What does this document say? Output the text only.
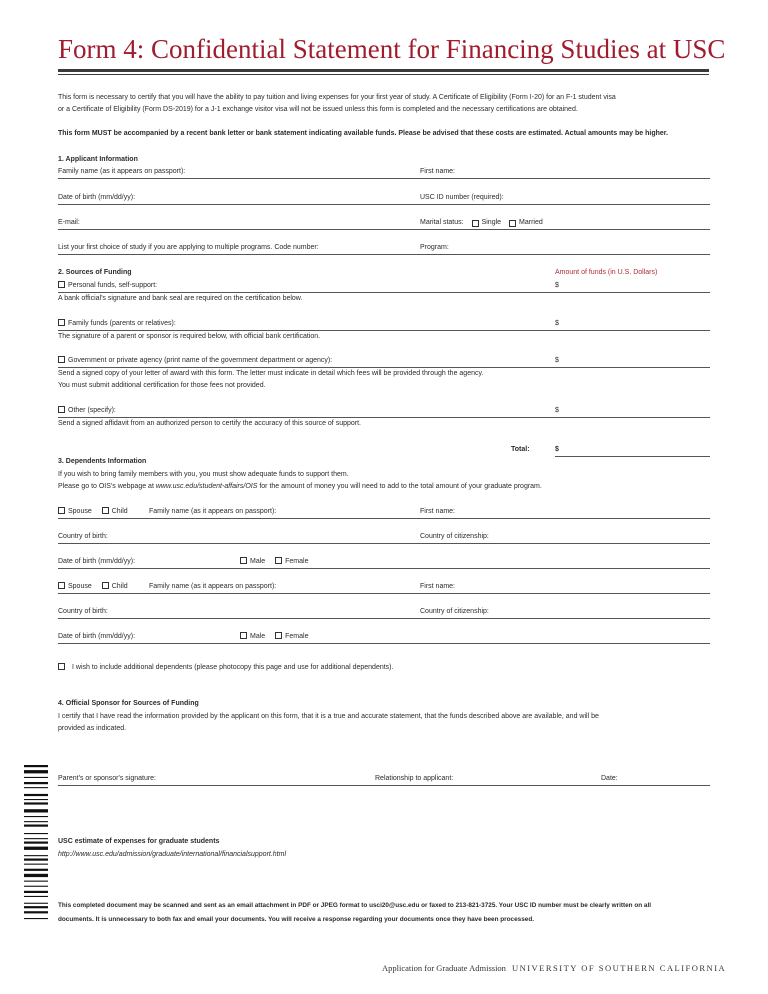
Form 4: Confidential Statement for Financing Studies at USC
This form is necessary to certify that you will have the ability to pay tuition and living expenses for your first year of study. A Certificate of Eligibility (Form I-20) for an F-1 student visa
or a Certificate of Eligibility (Form DS-2019) for a J-1 exchange visitor visa will not be issued unless this form is completed and the necessary certifications are obtained.
This form MUST be accompanied by a recent bank letter or bank statement indicating available funds. Please be advised that these costs are estimated. Actual amounts may be higher.
1. Applicant Information
Family name (as it appears on passport):	First name:
Date of birth (mm/dd/yy):	USC ID number (required):
E-mail:	Marital status:	Single	Married
List your first choice of study if you are applying to multiple programs. Code number:	Program:
2. Sources of Funding	Amount of funds (in U.S. Dollars)
Personal funds, self-support:	$
A bank official's signature and bank seal are required on the certification below.
Family funds (parents or relatives):	$
The signature of a parent or sponsor is required below, with official bank certification.
Government or private agency (print name of the government department or agency):	$
Send a signed copy of your letter of award with this form. The letter must indicate in detail which fees will be provided through the agency.
You must submit additional certification for those fees not provided.
Other (specify):	$
Send a signed affidavit from an authorized person to certify the accuracy of this source of support.
Total:	$
3. Dependents Information
If you wish to bring family members with you, you must show adequate funds to support them.
Please go to OIS's webpage at www.usc.edu/student-affairs/OIS for the amount of money you will need to add to the total amount of your graduate program.
Spouse	Child	Family name (as it appears on passport):	First name:
Country of birth:	Country of citizenship:
Date of birth (mm/dd/yy):	Male	Female
Spouse	Child	Family name (as it appears on passport):	First name:
Country of birth:	Country of citizenship:
Date of birth (mm/dd/yy):	Male	Female
I wish to include additional dependents (please photocopy this page and use for additional dependents).
4. Official Sponsor for Sources of Funding
I certify that I have read the information provided by the applicant on this form, that it is a true and accurate statement, that the funds described above are available, and will be
provided as indicated.
Parent's or sponsor's signature:	Relationship to applicant:	Date:
USC estimate of expenses for graduate students
http://www.usc.edu/admission/graduate/international/financialsupport.html
This completed document may be scanned and sent as an email attachment in PDF or JPEG format to usci20@usc.edu or faxed to 213-821-3725. Your USC ID number must be clearly written on all
documents. It is unnecessary to both fax and email your documents. You will receive a response regarding your documents once they have been processed.
Application for Graduate Admission UNIVERSITY OF SOUTHERN CALIFORNIA
